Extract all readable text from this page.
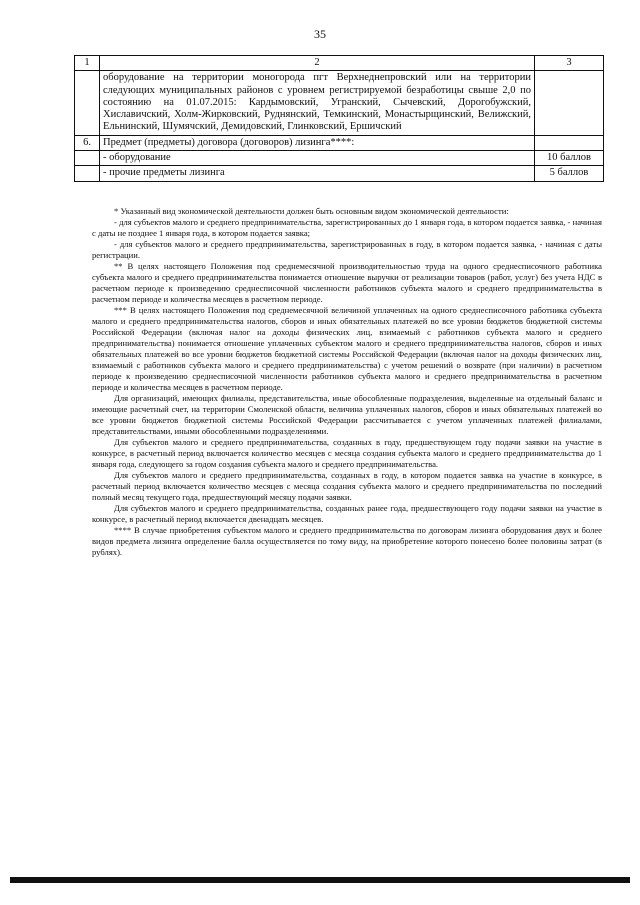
35
1	2	3
	оборудование на территории моногорода пгт Верхнеднепровский или на территории следующих муниципальных районов с уровнем регистрируемой безработицы свыше 2,0 по состоянию на 01.07.2015: Кардымовский, Угранский, Сычевский, Дорогобужский, Хиславичский, Холм-Жирковский, Руднянский, Темкинский, Монастырщинский, Велижский, Ельнинский, Шумячский, Демидовский, Глинковский, Ершичский	
6.	Предмет (предметы) договора (договоров) лизинга****:	
	- оборудование	10 баллов
	- прочие предметы лизинга	5 баллов

* Указанный вид экономической деятельности должен быть основным видом экономической деятельности:

- для субъектов малого и среднего предпринимательства, зарегистрированных до 1 января года, в котором подается заявка, - начиная с даты не позднее 1 января года, в котором подается заявка;

- для субъектов малого и среднего предпринимательства, зарегистрированных в году, в котором подается заявка, - начиная с даты регистрации.

** В целях настоящего Положения под среднемесячной производительностью труда на одного среднесписочного работника субъекта малого и среднего предпринимательства понимается отношение выручки от реализации товаров (работ, услуг) без учета НДС в расчетном периоде к произведению среднесписочной численности работников субъекта малого и среднего предпринимательства в расчетном периоде и количества месяцев в расчетном периоде.

*** В целях настоящего Положения под среднемесячной величиной уплаченных на одного среднесписочного работника субъекта малого и среднего предпринимательства налогов, сборов и иных обязательных платежей во все уровни бюджетов бюджетной системы Российской Федерации (включая налог на доходы физических лиц, взимаемый с работников субъекта малого и среднего предпринимательства) понимается отношение уплаченных субъектом малого и среднего предпринимательства налогов, сборов и иных обязательных платежей во все уровни бюджетов бюджетной системы Российской Федерации (включая налог на доходы физических лиц, взимаемый с работников субъекта малого и среднего предпринимательства) с учетом решений о возврате (при наличии) в расчетном периоде к произведению среднесписочной численности работников субъекта малого и среднего предпринимательства в расчетном периоде и количества месяцев в расчетном периоде.

Для организаций, имеющих филиалы, представительства, иные обособленные подразделения, выделенные на отдельный баланс и имеющие расчетный счет, на территории Смоленской области, величина уплаченных налогов, сборов и иных обязательных платежей во все уровни бюджетов бюджетной системы Российской Федерации рассчитывается с учетом уплаченных платежей филиалами, представительствами, иными обособленными подразделениями.

Для субъектов малого и среднего предпринимательства, созданных в году, предшествующем году подачи заявки на участие в конкурсе, в расчетный период включается количество месяцев с месяца создания субъекта малого и среднего предпринимательства до 1 января года, следующего за годом создания субъекта малого и среднего предпринимательства.

Для субъектов малого и среднего предпринимательства, созданных в году, в котором подается заявка на участие в конкурсе, в расчетный период включается количество месяцев с месяца создания субъекта малого и среднего предпринимательства по последний полный месяц текущего года, предшествующий месяцу подачи заявки.

Для субъектов малого и среднего предпринимательства, созданных ранее года, предшествующего году подачи заявки на участие в конкурсе, в расчетный период включается двенадцать месяцев.

**** В случае приобретения субъектом малого и среднего предпринимательства по договорам лизинга оборудования двух и более видов предмета лизинга определение балла осуществляется по тому виду, на приобретение которого понесено более половины затрат (в рублях).
